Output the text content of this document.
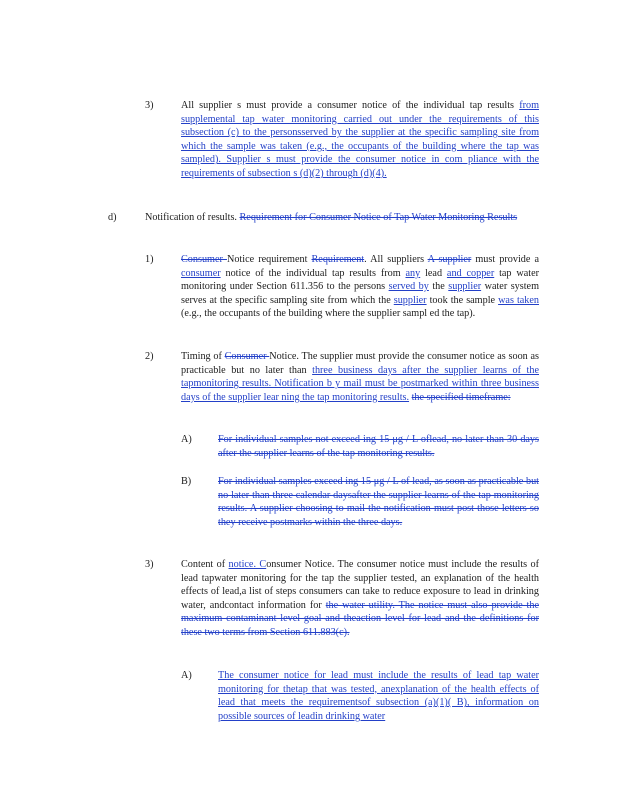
3)	All supplier s must provide a consumer notice of the individual tap results from supplemental tap water monitoring carried out under the requirements of this subsection (c) to the personsserved by the supplier at the specific sampling site from which the sample was taken (e.g., the occupants of the building where the tap was sampled). Supplier s must provide the consumer notice in com pliance with the requirements of subsection s (d)(2) through (d)(4).
d)	Notification of results. Requirement for Consumer Notice of Tap Water Monitoring Results
1)	Consumer Notice requirement Requirement. All suppliers A supplier must provide a consumer notice of the individual tap results from any lead and copper tap water monitoring under Section 611.356 to the persons served by the supplier water system serves at the specific sampling site from which the supplier took the sample was taken (e.g., the occupants of the building where the supplier sampl ed the tap).
2)	Timing of Consumer Notice. The supplier must provide the consumer notice as soon as practicable but no later than three business days after the supplier learns of the tapmonitoring results. Notification b y mail must be postmarked within three business days of the supplier lear ning the tap monitoring results. the specified timeframe:
A)	For individual samples not exceed ing 15 μg / L oflead, no later than 30 days after the supplier learns of the tap monitoring results.
B)	For individual samples exceed ing 15 μg / L of lead, as soon as practicable but no later than three calendar daysafter the supplier learns of the tap monitoring results. A supplier choosing to mail the notification must post those letters so they receive postmarks within the three days.
3)	Content of notice. Consumer Notice. The consumer notice must include the results of lead tapwater monitoring for the tap the supplier tested, an explanation of the health effects of lead,a list of steps consumers can take to reduce exposure to lead in drinking water, andcontact information for the water utility. The notice must also provide the maximum contaminant level goal and theaction level for lead and the definitions for these two terms from Section 611.883(c).
A)	The consumer notice for lead must include the results of lead tap water monitoring for thetap that was tested, anexplanation of the health effects of lead that meets the requirementsof subsection (a)(1)( B), information on possible sources of leadin drinking water
